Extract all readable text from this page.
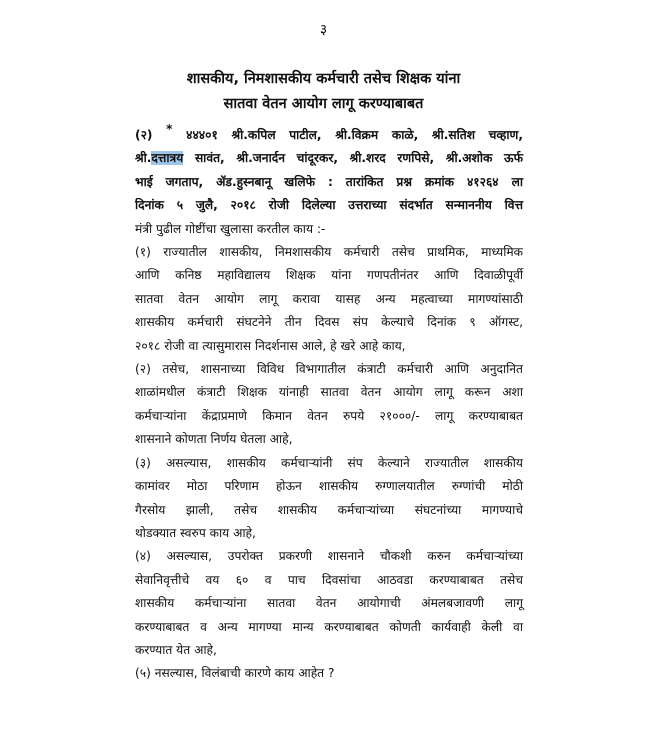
३
शासकीय, निमशासकीय कर्मचारी तसेच शिक्षक यांना
सातवा वेतन आयोग लागू करण्याबाबत
(२) * ४४४०१ श्री.कपिल पाटील, श्री.विक्रम काळे, श्री.सतिश चव्हाण,
श्री.दत्तात्रय सावंत, श्री.जनार्दन चांदूरकर, श्री.शरद रणपिसे, श्री.अशोक ऊर्फ
भाई जगताप, ॲड.हुस्नबानू खलिफे : तारांकित प्रश्न क्रमांक ४१२६४ ला
दिनांक ५ जुलै, २०१८ रोजी दिलेल्या उत्तराच्या संदर्भात सन्माननीय वित्त
मंत्री पुढील गोष्टींचा खुलासा करतील काय :-
(१) राज्यातील शासकीय, निमशासकीय कर्मचारी तसेच प्राथमिक, माध्यमिक
आणि कनिष्ठ महाविद्यालय शिक्षक यांना गणपतीनंतर आणि दिवाळीपूर्वी
सातवा वेतन आयोग लागू करावा यासह अन्य महत्वाच्या मागण्यांसाठी
शासकीय कर्मचारी संघटनेने तीन दिवस संप केल्याचे दिनांक ९ ऑगस्ट,
२०१८ रोजी वा त्यासुमारास निदर्शनास आले, हे खरे आहे काय,
(२) तसेच, शासनाच्या विविध विभागातील कंत्राटी कर्मचारी आणि अनुदानित
शाळांमधील कंत्राटी शिक्षक यांनाही सातवा वेतन आयोग लागू करून अशा
कर्मचाऱ्यांना केंद्राप्रमाणे किमान वेतन रुपये २१०००/- लागू करण्याबाबत
शासनाने कोणता निर्णय घेतला आहे,
(३) असल्यास, शासकीय कर्मचाऱ्यांनी संप केल्याने राज्यातील शासकीय
कामांवर मोठा परिणाम होऊन शासकीय रुग्णालयातील रुग्णांची मोठी
गैरसोय झाली, तसेच शासकीय कर्मचाऱ्यांच्या संघटनांच्या मागण्याचे
थोडक्यात स्वरुप काय आहे,
(४) असल्यास, उपरोक्त प्रकरणी शासनाने चौकशी करुन कर्मचाऱ्यांच्या
सेवानिवृत्तीचे वय ६० व पाच दिवसांचा आठवडा करण्याबाबत तसेच
शासकीय कर्मचाऱ्यांना सातवा वेतन आयोगाची अंमलबजावणी लागू
करण्याबाबत व अन्य मागण्या मान्य करण्याबाबत कोणती कार्यवाही केली वा
करण्यात येत आहे,
(५) नसल्यास, विलंबाची कारणे काय आहेत ?
